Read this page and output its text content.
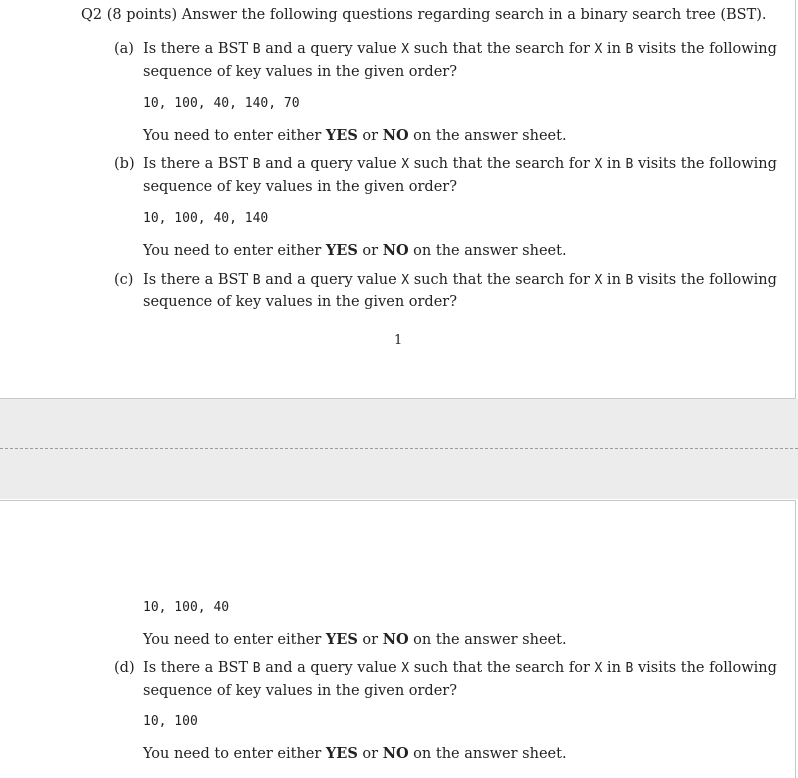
Q2 (8 points) Answer the following questions regarding search in a binary search tree (BST).
(a) Is there a BST B and a query value X such that the search for X in B visits the following
sequence of key values in the given order?
10, 100, 40, 140, 70
You need to enter either YES or NO on the answer sheet.
(b) Is there a BST B and a query value X such that the search for X in B visits the following
sequence of key values in the given order?
10, 100, 40, 140
You need to enter either YES or NO on the answer sheet.
(c) Is there a BST B and a query value X such that the search for X in B visits the following
sequence of key values in the given order?
1
10, 100, 40
You need to enter either YES or NO on the answer sheet.
(d) Is there a BST B and a query value X such that the search for X in B visits the following
sequence of key values in the given order?
10, 100
You need to enter either YES or NO on the answer sheet.
